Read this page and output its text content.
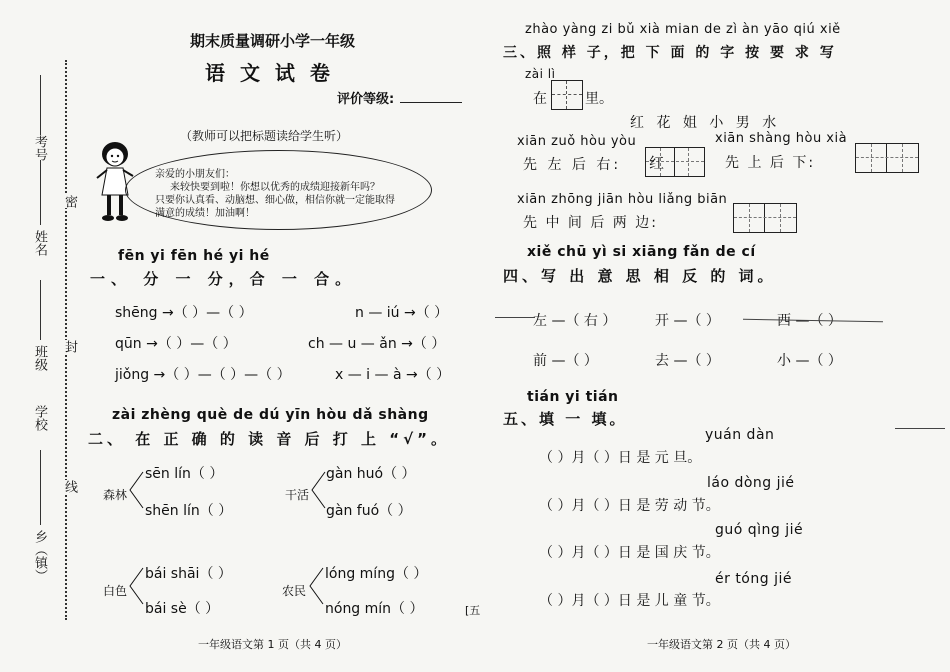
考号
姓名
班级
学校
乡（镇）
密
封
线
期末质量调研小学一年级
语 文 试 卷
评价等级:
（教师可以把标题读给学生听）
亲爱的小朋友们：
来较快要到啦！你想以优秀的成绩迎接新年吗？
只要你认真看、动脑想、细心做，相信你就一定能取得
满意的成绩！加油啊！
fēn yi fēn hé yi hé
一、 分 一 分，合 一 合。
shēng →（ ）—（ ）	n — iú →（ ）
qūn →（ ）—（ ）	ch — u — ǎn →（ ）
jiǒng →（ ）—（ ）—（ ）	x — i — à →（ ）
zài zhèng què de dú yīn hòu dǎ shàng
二、 在 正 确 的 读 音 后 打 上 “√”。
森林
sēn lín（ ）
shēn lín（ ）
干活
gàn huó（ ）
gàn fuó（ ）
白色
bái shāi（ ）
bái sè（ ）
农民
lóng míng（ ）
nóng mín（ ）	[五
一年级语文第 1 页（共 4 页）
zhào yàng zi bǔ xià mian de zì àn yāo qiú xiě
三、照 样 子，把 下 面 的 字 按 要 求 写
zài lì
在	里。
红 花 姐 小 男 水
xiān zuǒ hòu yòu
先 左 后 右: 红
xiān shàng hòu xià
先 上 后 下:
xiān zhōng jiān hòu liǎng biān
先 中 间 后 两 边:
xiě chū yì si xiāng fǎn de cí
四、写 出 意 思 相 反 的 词。
左 —（ 右 ）	开 —（ ）	西 —（ ）
前 —（ ）	去 —（ ）	小 —（ ）
tián yi tián
五、填 一 填。
yuán dàn
（ ）月（ ）日 是 元 旦。
láo dòng jié
（ ）月（ ）日 是 劳 动 节。
guó qìng jié
（ ）月（ ）日 是 国 庆 节。
ér tóng jié
（ ）月（ ）日 是 儿 童 节。
一年级语文第 2 页（共 4 页）
